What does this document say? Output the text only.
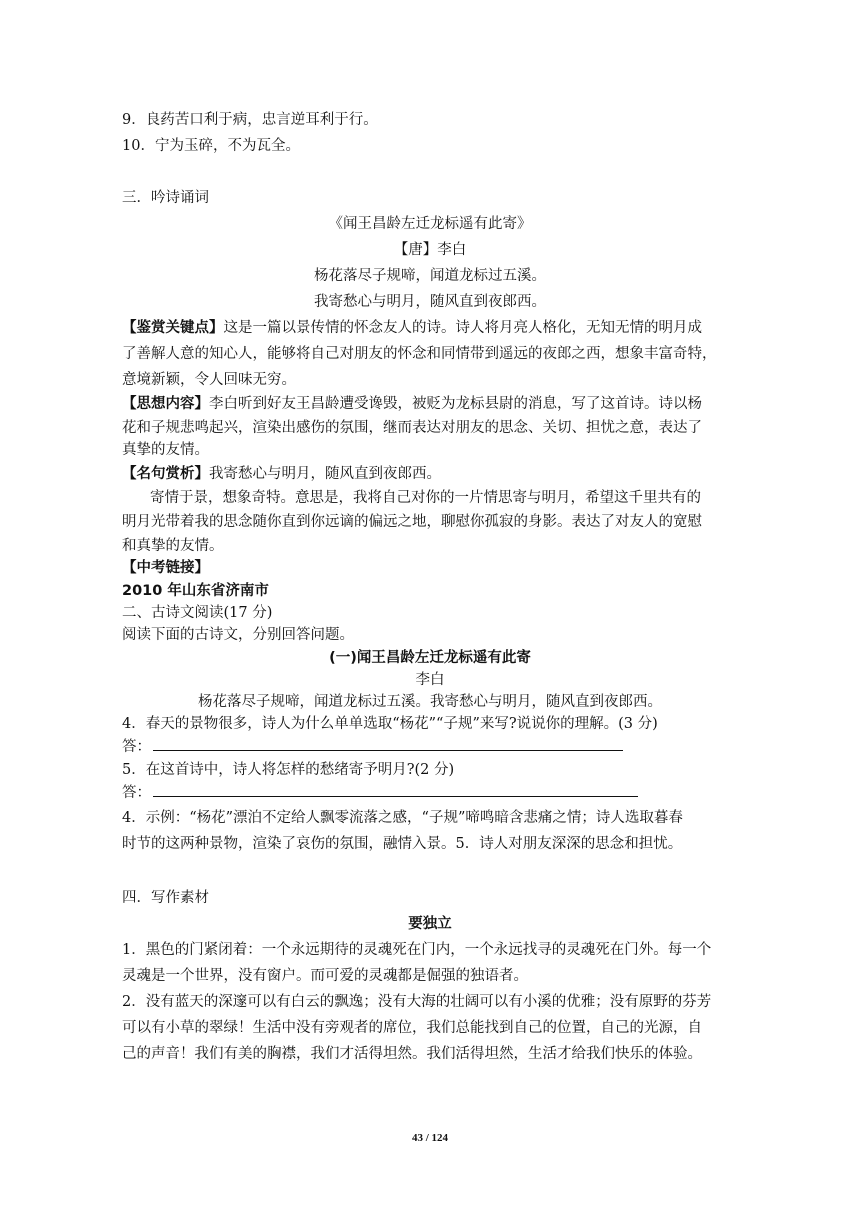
9．良药苦口利于病，忠言逆耳利于行。

10．宁为玉碎，不为瓦全。

三．吟诗诵词

《闻王昌龄左迁龙标遥有此寄》

【唐】李白

杨花落尽子规啼，闻道龙标过五溪。

我寄愁心与明月，随风直到夜郎西。

【鉴赏关键点】这是一篇以景传情的怀念友人的诗。诗人将月亮人格化，无知无情的明月成

了善解人意的知心人，能够将自己对朋友的怀念和同情带到遥远的夜郎之西，想象丰富奇特，

意境新颖，令人回味无穷。

【思想内容】李白听到好友王昌龄遭受谗毁，被贬为龙标县尉的消息，写了这首诗。诗以杨

花和子规悲鸣起兴，渲染出感伤的氛围，继而表达对朋友的思念、关切、担忧之意，表达了

真挚的友情。

【名句赏析】我寄愁心与明月，随风直到夜郎西。

寄情于景，想象奇特。意思是，我将自己对你的一片情思寄与明月，希望这千里共有的

明月光带着我的思念随你直到你远谪的偏远之地，聊慰你孤寂的身影。表达了对友人的宽慰

和真挚的友情。

【中考链接】

2010 年山东省济南市

二、古诗文阅读(17 分)

阅读下面的古诗文，分别回答问题。

(一)闻王昌龄左迁龙标遥有此寄

李白

杨花落尽子规啼，闻道龙标过五溪。我寄愁心与明月，随风直到夜郎西。

4．春天的景物很多，诗人为什么单单选取“杨花”“子规”来写?说说你的理解。(3 分)

答：

5．在这首诗中，诗人将怎样的愁绪寄予明月?(2 分)

答：

4．示例：“杨花”漂泊不定给人飘零流落之感，“子规”啼鸣暗含悲痛之情；诗人选取暮春

时节的这两种景物，渲染了哀伤的氛围，融情入景。5．诗人对朋友深深的思念和担忧。

四．写作素材

要独立

1．黑色的门紧闭着：一个永远期待的灵魂死在门内，一个永远找寻的灵魂死在门外。每一个

灵魂是一个世界，没有窗户。而可爱的灵魂都是倔强的独语者。

2．没有蓝天的深邃可以有白云的飘逸；没有大海的壮阔可以有小溪的优雅；没有原野的芬芳

可以有小草的翠绿！生活中没有旁观者的席位，我们总能找到自己的位置，自己的光源，自

己的声音！我们有美的胸襟，我们才活得坦然。我们活得坦然，生活才给我们快乐的体验。

43 / 124
